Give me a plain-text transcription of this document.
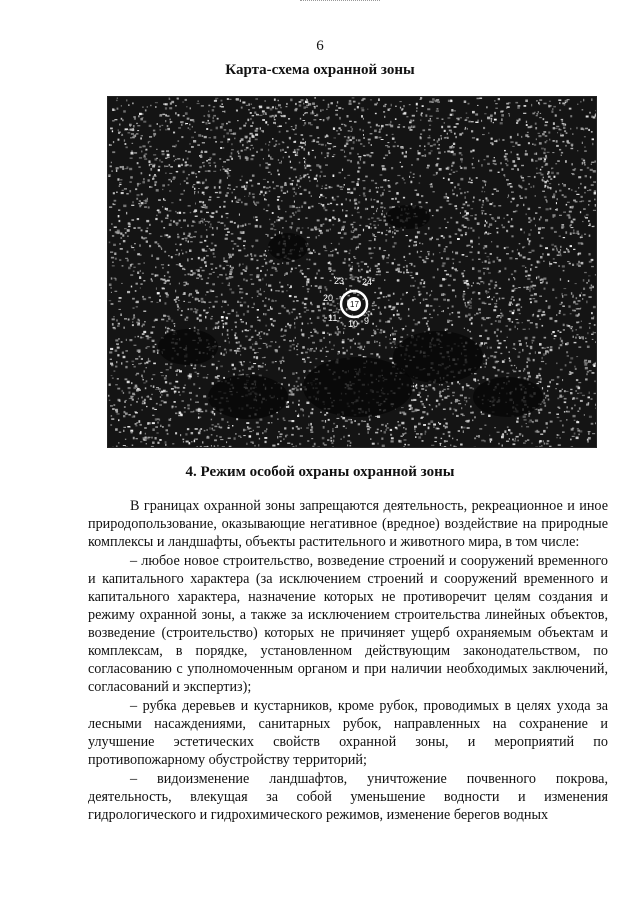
6
Карта-схема охранной зоны
23 24
20
17
9
10
11
4. Режим особой охраны охранной зоны

В границах охранной зоны запрещаются деятельность, рекреационное и иное природопользование, оказывающие негативное (вредное) воздействие на природные комплексы и ландшафты, объекты растительного и животного мира, в том числе:

– любое новое строительство, возведение строений и сооружений временного и капитального характера (за исключением строений и сооружений временного и капитального характера, назначение которых не противоречит целям создания и режиму охранной зоны, а также за исключением строительства линейных объектов, возведение (строительство) которых не причиняет ущерб охраняемым объектам и комплексам, в порядке, установленном действующим законодательством, по согласованию с уполномоченным органом и при наличии необходимых заключений, согласований и экспертиз);

– рубка деревьев и кустарников, кроме рубок, проводимых в целях ухода за лесными насаждениями, санитарных рубок, направленных на сохранение и улучшение эстетических свойств охранной зоны, и мероприятий по противопожарному обустройству территорий;

– видоизменение ландшафтов, уничтожение почвенного покрова, деятельность, влекущая за собой уменьшение водности и изменения гидрологического и гидрохимического режимов, изменение берегов водных
